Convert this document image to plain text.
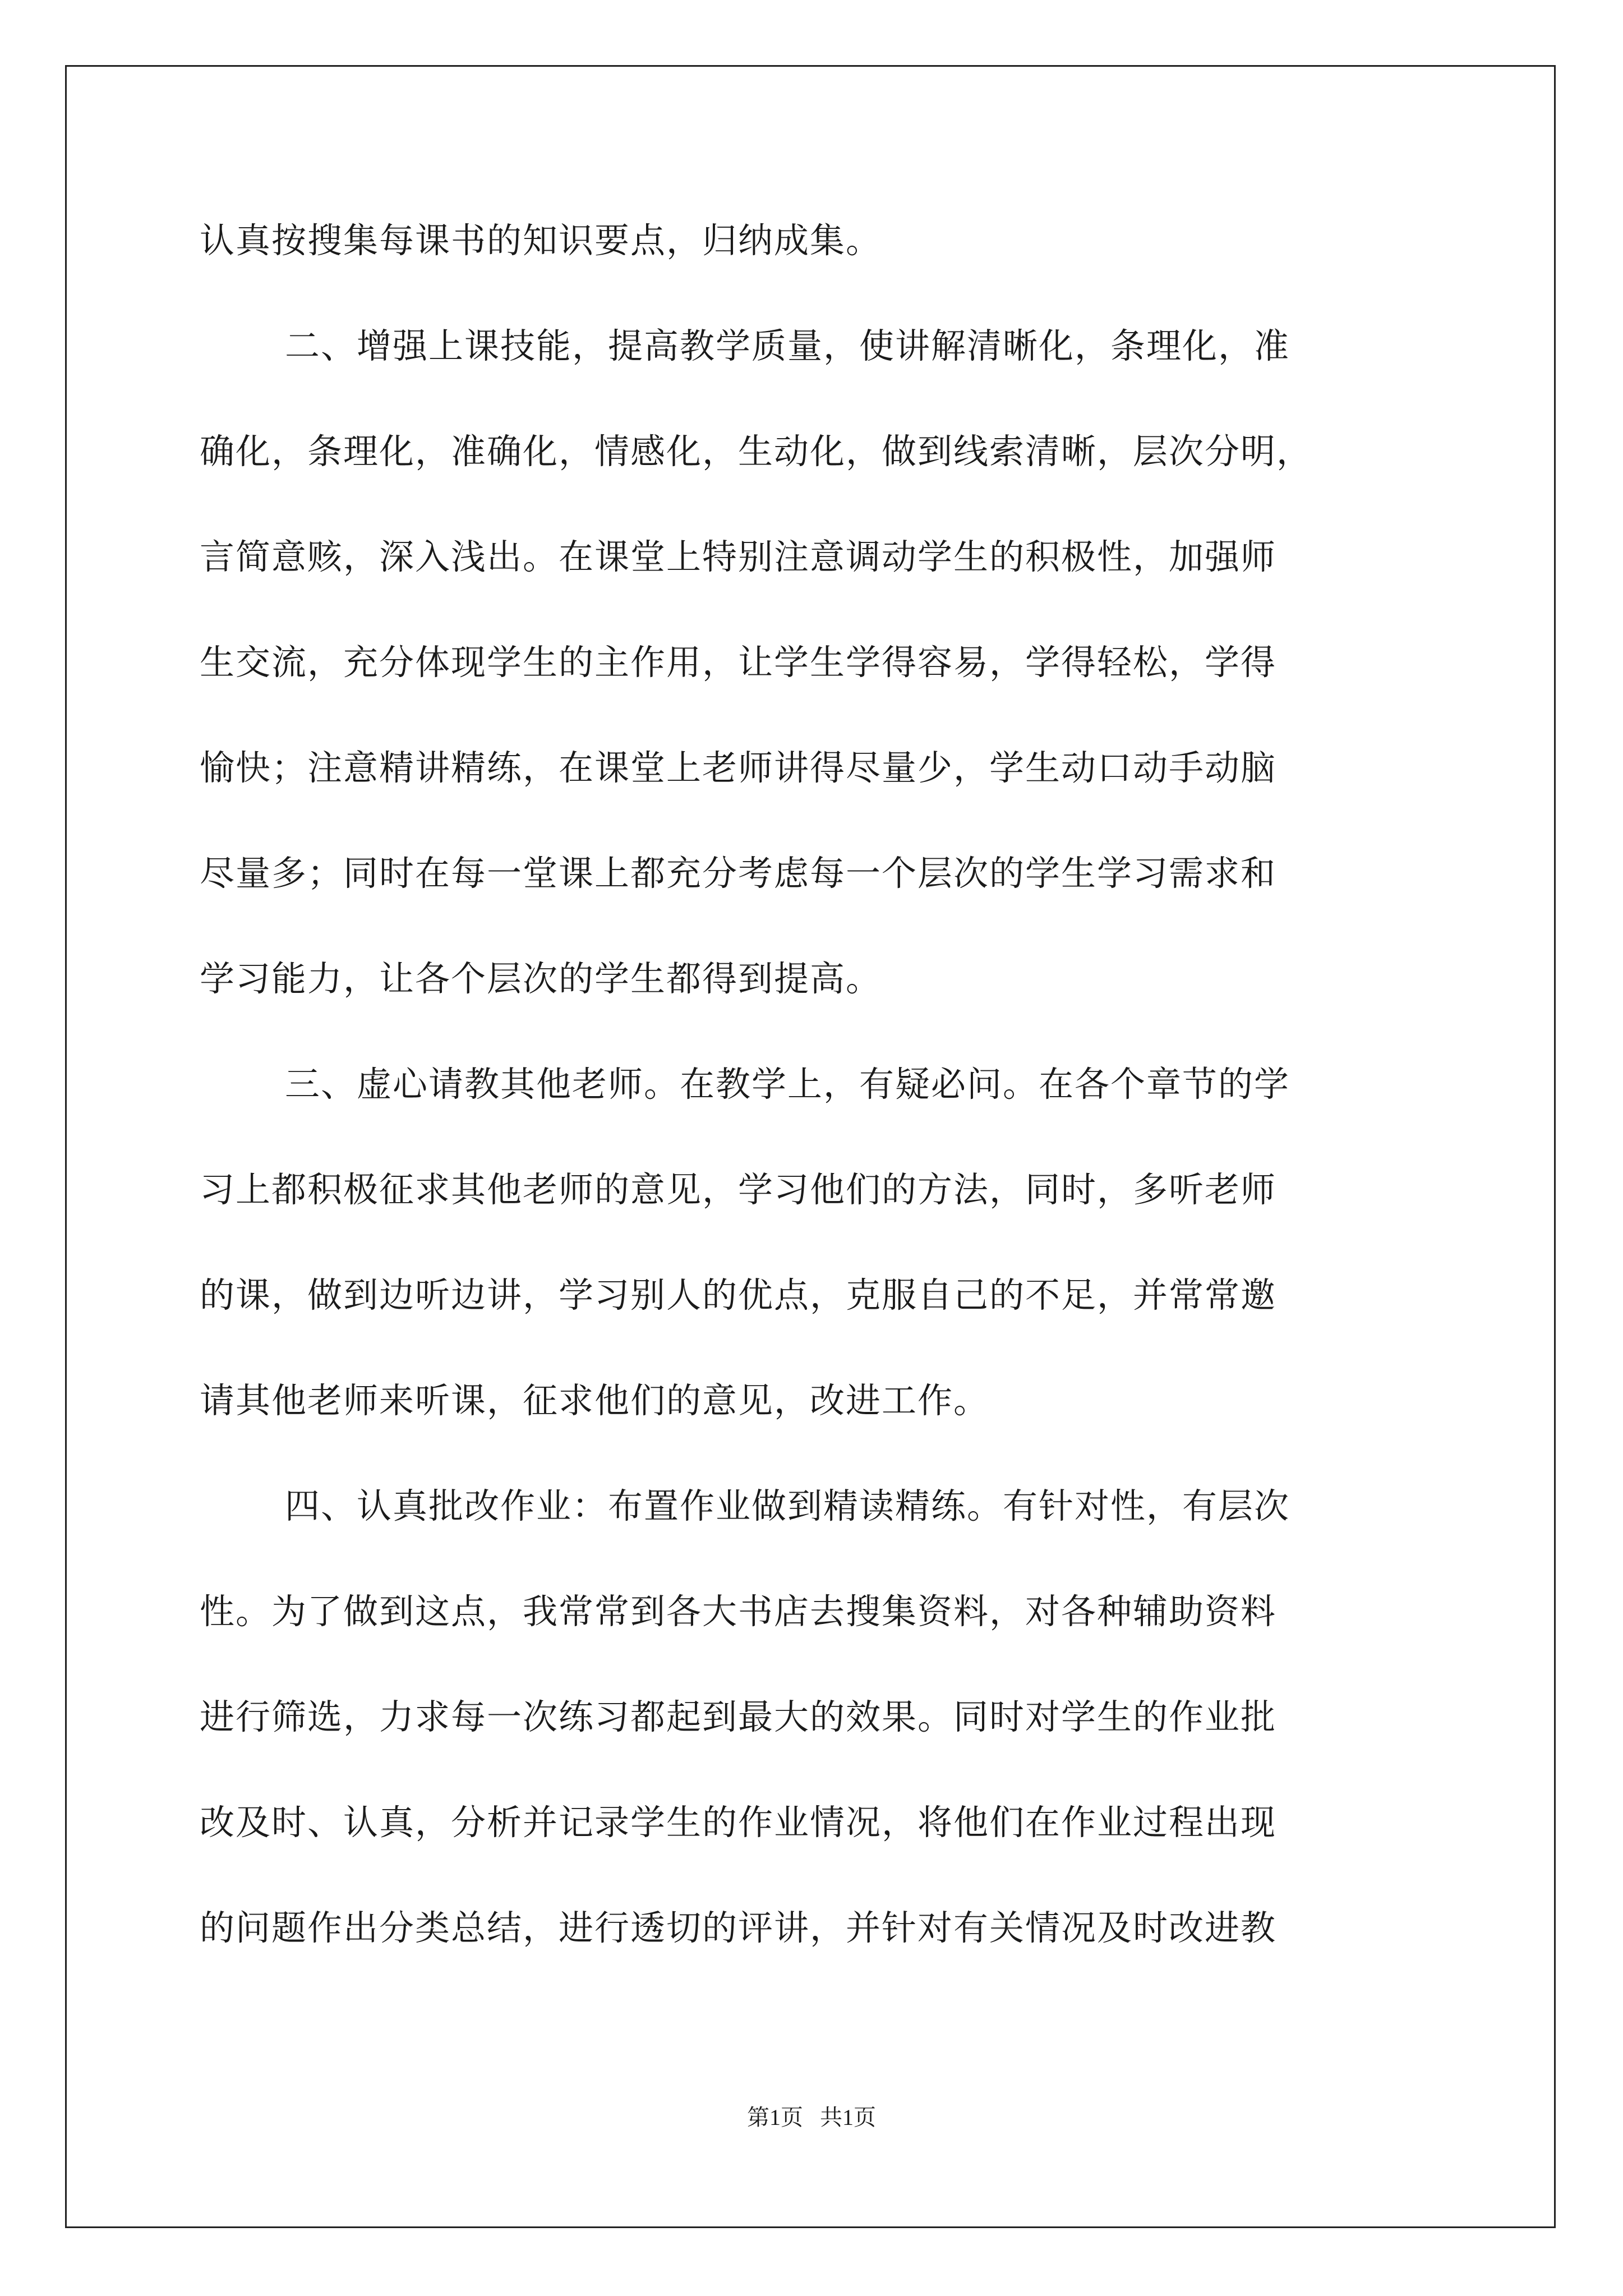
认真按搜集每课书的知识要点，归纳成集。
二、增强上课技能，提高教学质量，使讲解清晰化，条理化，准
确化，条理化，准确化，情感化，生动化，做到线索清晰，层次分明，
言简意赅，深入浅出。在课堂上特别注意调动学生的积极性，加强师
生交流，充分体现学生的主作用，让学生学得容易，学得轻松，学得
愉快；注意精讲精练，在课堂上老师讲得尽量少，学生动口动手动脑
尽量多；同时在每一堂课上都充分考虑每一个层次的学生学习需求和
学习能力，让各个层次的学生都得到提高。
三、虚心请教其他老师。在教学上，有疑必问。在各个章节的学
习上都积极征求其他老师的意见，学习他们的方法，同时，多听老师
的课，做到边听边讲，学习别人的优点，克服自己的不足，并常常邀
请其他老师来听课，征求他们的意见，改进工作。
四、认真批改作业：布置作业做到精读精练。有针对性，有层次
性。为了做到这点，我常常到各大书店去搜集资料，对各种辅助资料
进行筛选，力求每一次练习都起到最大的效果。同时对学生的作业批
改及时、认真，分析并记录学生的作业情况，将他们在作业过程出现
的问题作出分类总结，进行透切的评讲，并针对有关情况及时改进教
第1页 共1页
